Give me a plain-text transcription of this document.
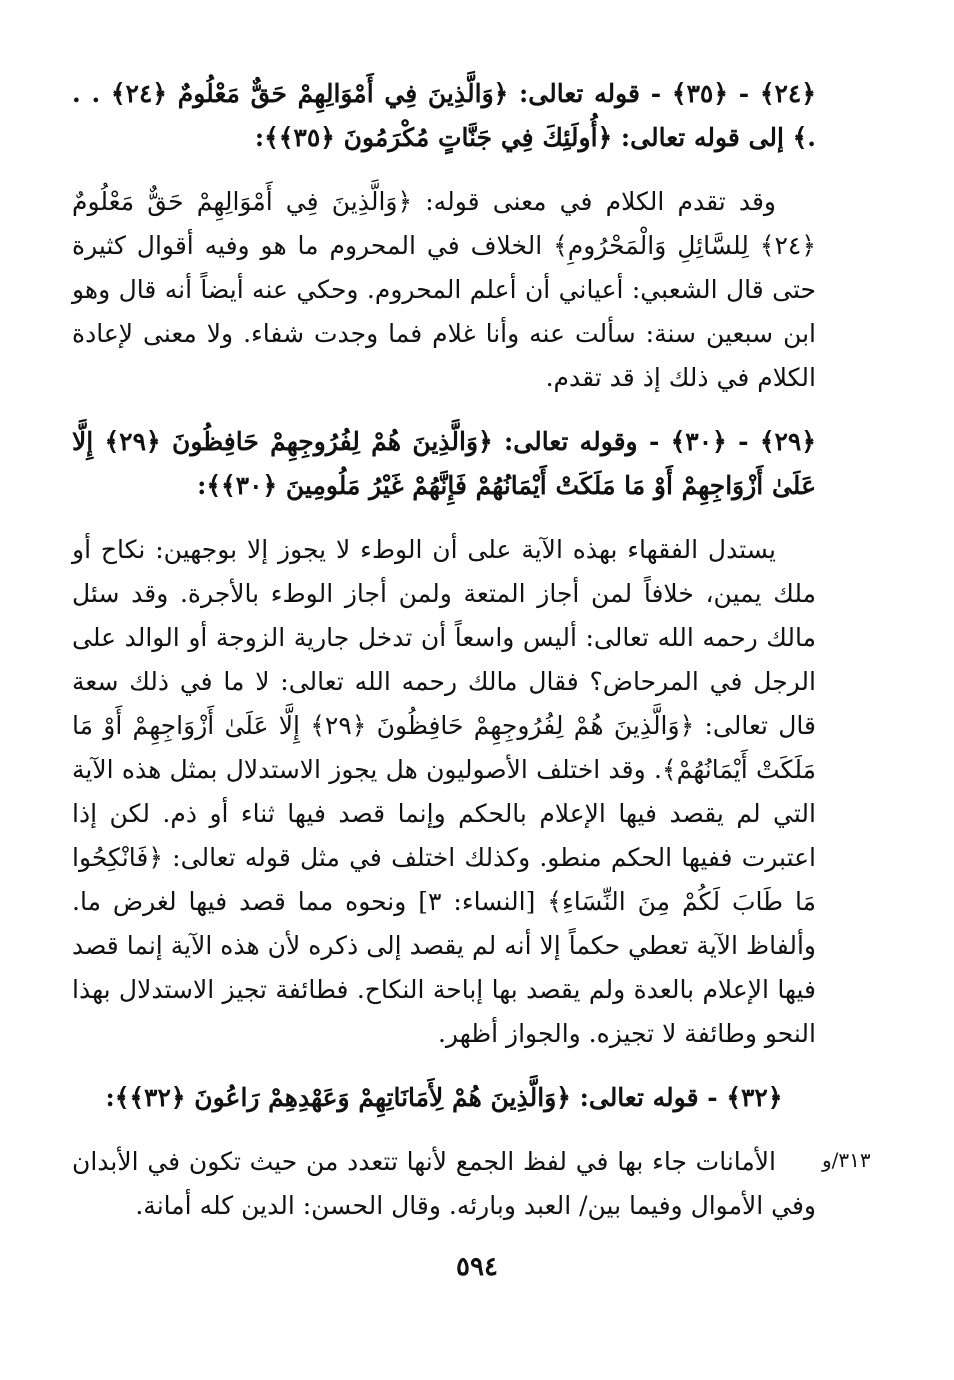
﴿٢٤﴾ - ﴿٣٥﴾ - قوله تعالى: ﴿وَالَّذِينَ فِي أَمْوَالِهِمْ حَقٌّ مَعْلُومٌ ﴿٢٤﴾ . . .﴾ إلى قوله تعالى: ﴿أُولَئِكَ فِي جَنَّاتٍ مُكْرَمُونَ ﴿٣٥﴾﴾:
وقد تقدم الكلام في معنى قوله: ﴿وَالَّذِينَ فِي أَمْوَالِهِمْ حَقٌّ مَعْلُومٌ ﴿٢٤﴾ لِلسَّائِلِ وَالْمَحْرُومِ﴾ الخلاف في المحروم ما هو وفيه أقوال كثيرة حتى قال الشعبي: أعياني أن أعلم المحروم. وحكي عنه أيضاً أنه قال وهو ابن سبعين سنة: سألت عنه وأنا غلام فما وجدت شفاء. ولا معنى لإعادة الكلام في ذلك إذ قد تقدم.
﴿٢٩﴾ - ﴿٣٠﴾ - وقوله تعالى: ﴿وَالَّذِينَ هُمْ لِفُرُوجِهِمْ حَافِظُونَ ﴿٢٩﴾ إِلَّا عَلَىٰ أَزْوَاجِهِمْ أَوْ مَا مَلَكَتْ أَيْمَانُهُمْ فَإِنَّهُمْ غَيْرُ مَلُومِينَ ﴿٣٠﴾﴾:
يستدل الفقهاء بهذه الآية على أن الوطء لا يجوز إلا بوجهين: نكاح أو ملك يمين، خلافاً لمن أجاز المتعة ولمن أجاز الوطء بالأجرة. وقد سئل مالك رحمه الله تعالى: أليس واسعاً أن تدخل جارية الزوجة أو الوالد على الرجل في المرحاض؟ فقال مالك رحمه الله تعالى: لا ما في ذلك سعة قال تعالى: ﴿وَالَّذِينَ هُمْ لِفُرُوجِهِمْ حَافِظُونَ ﴿٢٩﴾ إِلَّا عَلَىٰ أَزْوَاجِهِمْ أَوْ مَا مَلَكَتْ أَيْمَانُهُمْ﴾. وقد اختلف الأصوليون هل يجوز الاستدلال بمثل هذه الآية التي لم يقصد فيها الإعلام بالحكم وإنما قصد فيها ثناء أو ذم. لكن إذا اعتبرت ففيها الحكم منطو. وكذلك اختلف في مثل قوله تعالى: ﴿فَانْكِحُوا مَا طَابَ لَكُمْ مِنَ النِّسَاءِ﴾ [النساء: ٣] ونحوه مما قصد فيها لغرض ما. وألفاظ الآية تعطي حكماً إلا أنه لم يقصد إلى ذكره لأن هذه الآية إنما قصد فيها الإعلام بالعدة ولم يقصد بها إباحة النكاح. فطائفة تجيز الاستدلال بهذا النحو وطائفة لا تجيزه. والجواز أظهر.
﴿٣٢﴾ - قوله تعالى: ﴿وَالَّذِينَ هُمْ لِأَمَانَاتِهِمْ وَعَهْدِهِمْ رَاعُونَ ﴿٣٢﴾﴾:
الأمانات جاء بها في لفظ الجمع لأنها تتعدد من حيث تكون في الأبدان وفي الأموال وفيما بين/ العبد وبارئه. وقال الحسن: الدين كله أمانة.
٣١٣/و
٥٩٤
